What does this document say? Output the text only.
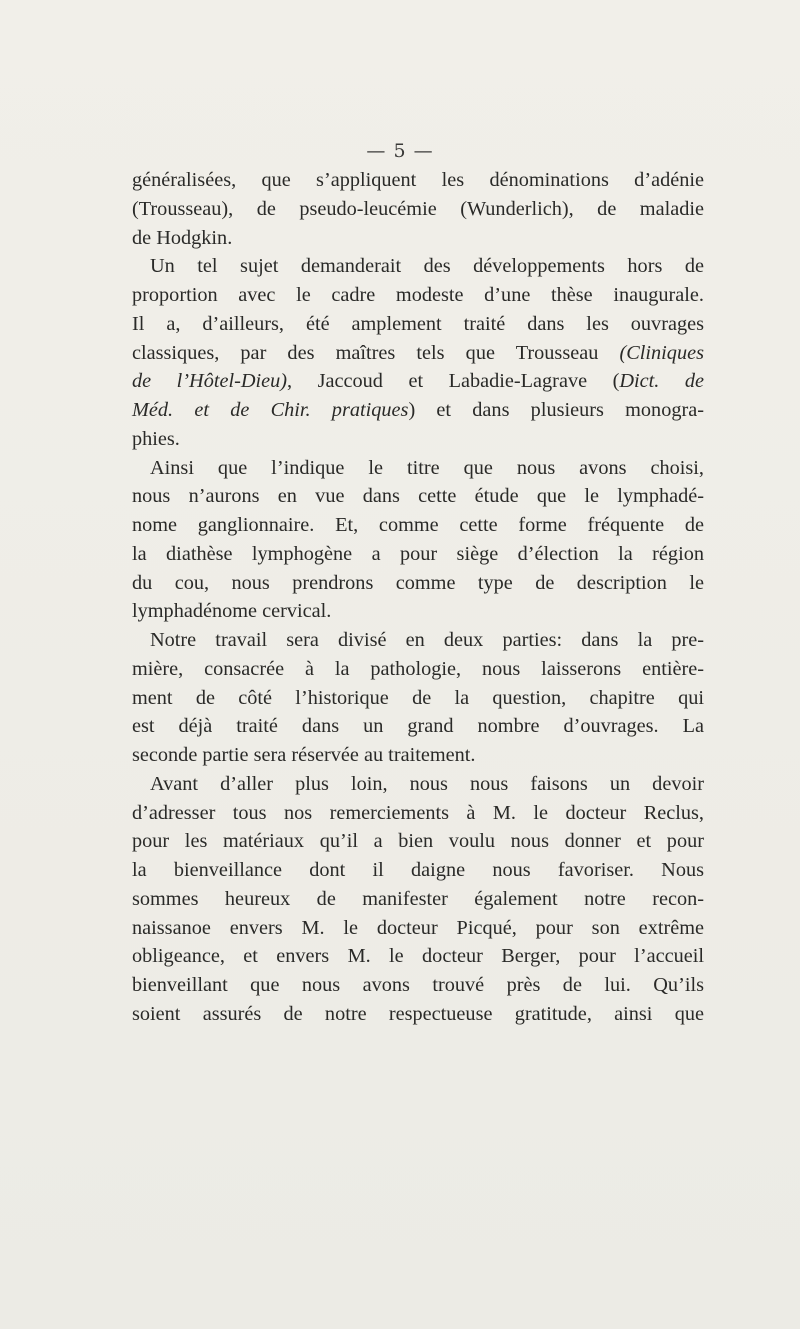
— 5 —
généralisées, que s’appliquent les dénominations d’adénie
(Trousseau), de pseudo-leucémie (Wunderlich), de maladie
de Hodgkin.
Un tel sujet demanderait des développements hors de
proportion avec le cadre modeste d’une thèse inaugurale.
Il a, d’ailleurs, été amplement traité dans les ouvrages
classiques, par des maîtres tels que Trousseau (Cliniques
de l’Hôtel-Dieu), Jaccoud et Labadie-Lagrave (Dict. de
Méd. et de Chir. pratiques) et dans plusieurs monogra-
phies.
Ainsi que l’indique le titre que nous avons choisi,
nous n’aurons en vue dans cette étude que le lymphadé-
nome ganglionnaire. Et, comme cette forme fréquente de
la diathèse lymphogène a pour siège d’élection la région
du cou, nous prendrons comme type de description le
lymphadénome cervical.
Notre travail sera divisé en deux parties: dans la pre-
mière, consacrée à la pathologie, nous laisserons entière-
ment de côté l’historique de la question, chapitre qui
est déjà traité dans un grand nombre d’ouvrages. La
seconde partie sera réservée au traitement.
Avant d’aller plus loin, nous nous faisons un devoir
d’adresser tous nos remerciements à M. le docteur Reclus,
pour les matériaux qu’il a bien voulu nous donner et pour
la bienveillance dont il daigne nous favoriser. Nous
sommes heureux de manifester également notre recon-
naissanoe envers M. le docteur Picqué, pour son extrême
obligeance, et envers M. le docteur Berger, pour l’accueil
bienveillant que nous avons trouvé près de lui. Qu’ils
soient assurés de notre respectueuse gratitude, ainsi que
